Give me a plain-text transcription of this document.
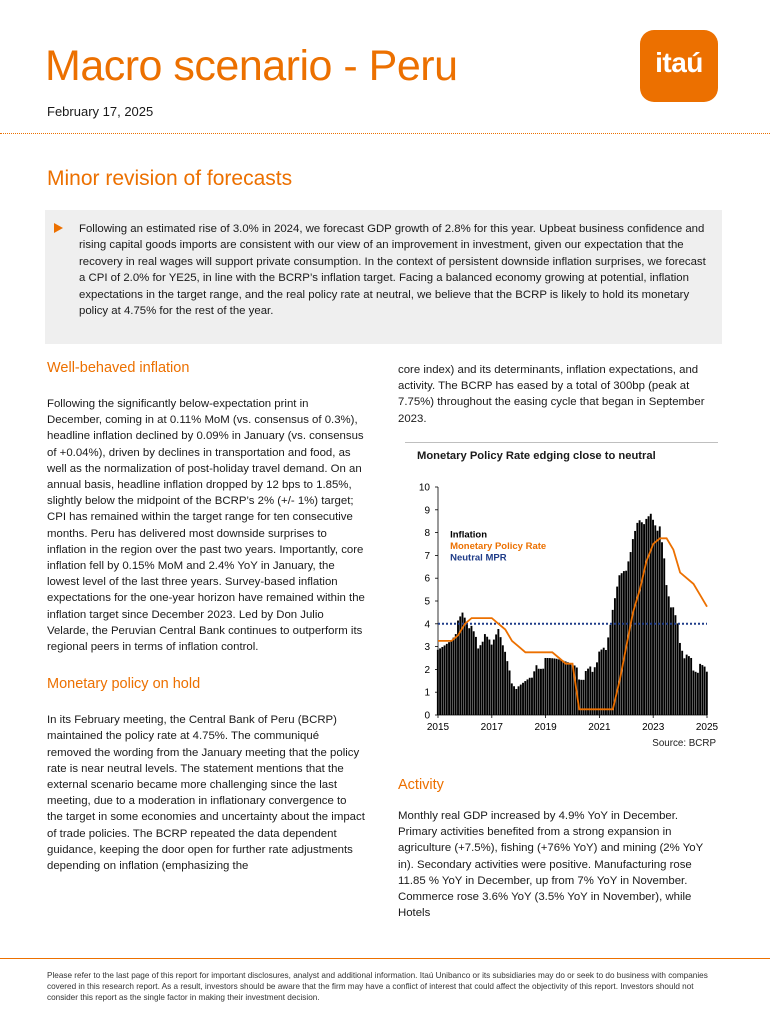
Macro scenario - Peru
February 17, 2025
itaú
Minor revision of forecasts
Following an estimated rise of 3.0% in 2024, we forecast GDP growth of 2.8% for this year. Upbeat business confidence and rising capital goods imports are consistent with our view of an improvement in investment, given our expectation that the recovery in real wages will support private consumption. In the context of persistent downside inflation surprises, we forecast a CPI of 2.0% for YE25, in line with the BCRP’s inflation target. Facing a balanced economy growing at potential, inflation expectations in the target range, and the real policy rate at neutral, we believe that the BCRP is likely to hold its monetary policy at 4.75% for the rest of the year.
Well-behaved inflation

Following the significantly below-expectation print in December, coming in at 0.11% MoM (vs. consensus of 0.3%), headline inflation declined by 0.09% in January (vs. consensus of +0.04%), driven by declines in transportation and food, as well as the normalization of post-holiday travel demand. On an annual basis, headline inflation dropped by 12 bps to 1.85%, slightly below the midpoint of the BCRP’s 2% (+/- 1%) target; CPI has remained within the target range for ten consecutive months. Peru has delivered most downside surprises to inflation in the region over the past two years. Importantly, core inflation fell by 0.15% MoM and 2.4% YoY in January, the lowest level of the last three years. Survey-based inflation expectations for the one-year horizon have remained within the inflation target since December 2023. Led by Don Julio Velarde, the Peruvian Central Bank continues to outperform its regional peers in terms of inflation control.

Monetary policy on hold

In its February meeting, the Central Bank of Peru (BCRP) maintained the policy rate at 4.75%. The communiqué removed the wording from the January meeting that the policy rate is near neutral levels. The statement mentions that the external scenario became more challenging since the last meeting, due to a moderation in inflationary convergence to the target in some economies and uncertainty about the impact of trade policies. The BCRP repeated the data dependent guidance, keeping the door open for further rate adjustments depending on inflation (emphasizing the

core index) and its determinants, inflation expectations, and activity. The BCRP has eased by a total of 300bp (peak at 7.75%) throughout the easing cycle that began in September 2023.

Monetary Policy Rate edging close to neutral
0
1
2
3
4
5
6
7
8
9
10
2015	2017	2019	2021	2023	2025
Inflation
Monetary Policy Rate
Neutral MPR
Source: BCRP
Activity

Monthly real GDP increased by 4.9% YoY in December. Primary activities benefited from a strong expansion in agriculture (+7.5%), fishing (+76% YoY) and mining (2% YoY in). Secondary activities were positive. Manufacturing rose 11.85 % YoY in December, up from 7% YoY in November. Commerce rose 3.6% YoY (3.5% YoY in November), while Hotels

Please refer to the last page of this report for important disclosures, analyst and additional information. Itaú Unibanco or its subsidiaries may do or seek to do business with companies covered in this research report. As a result, investors should be aware that the firm may have a conflict of interest that could affect the objectivity of this report. Investors should not consider this report as the single factor in making their investment decision.
